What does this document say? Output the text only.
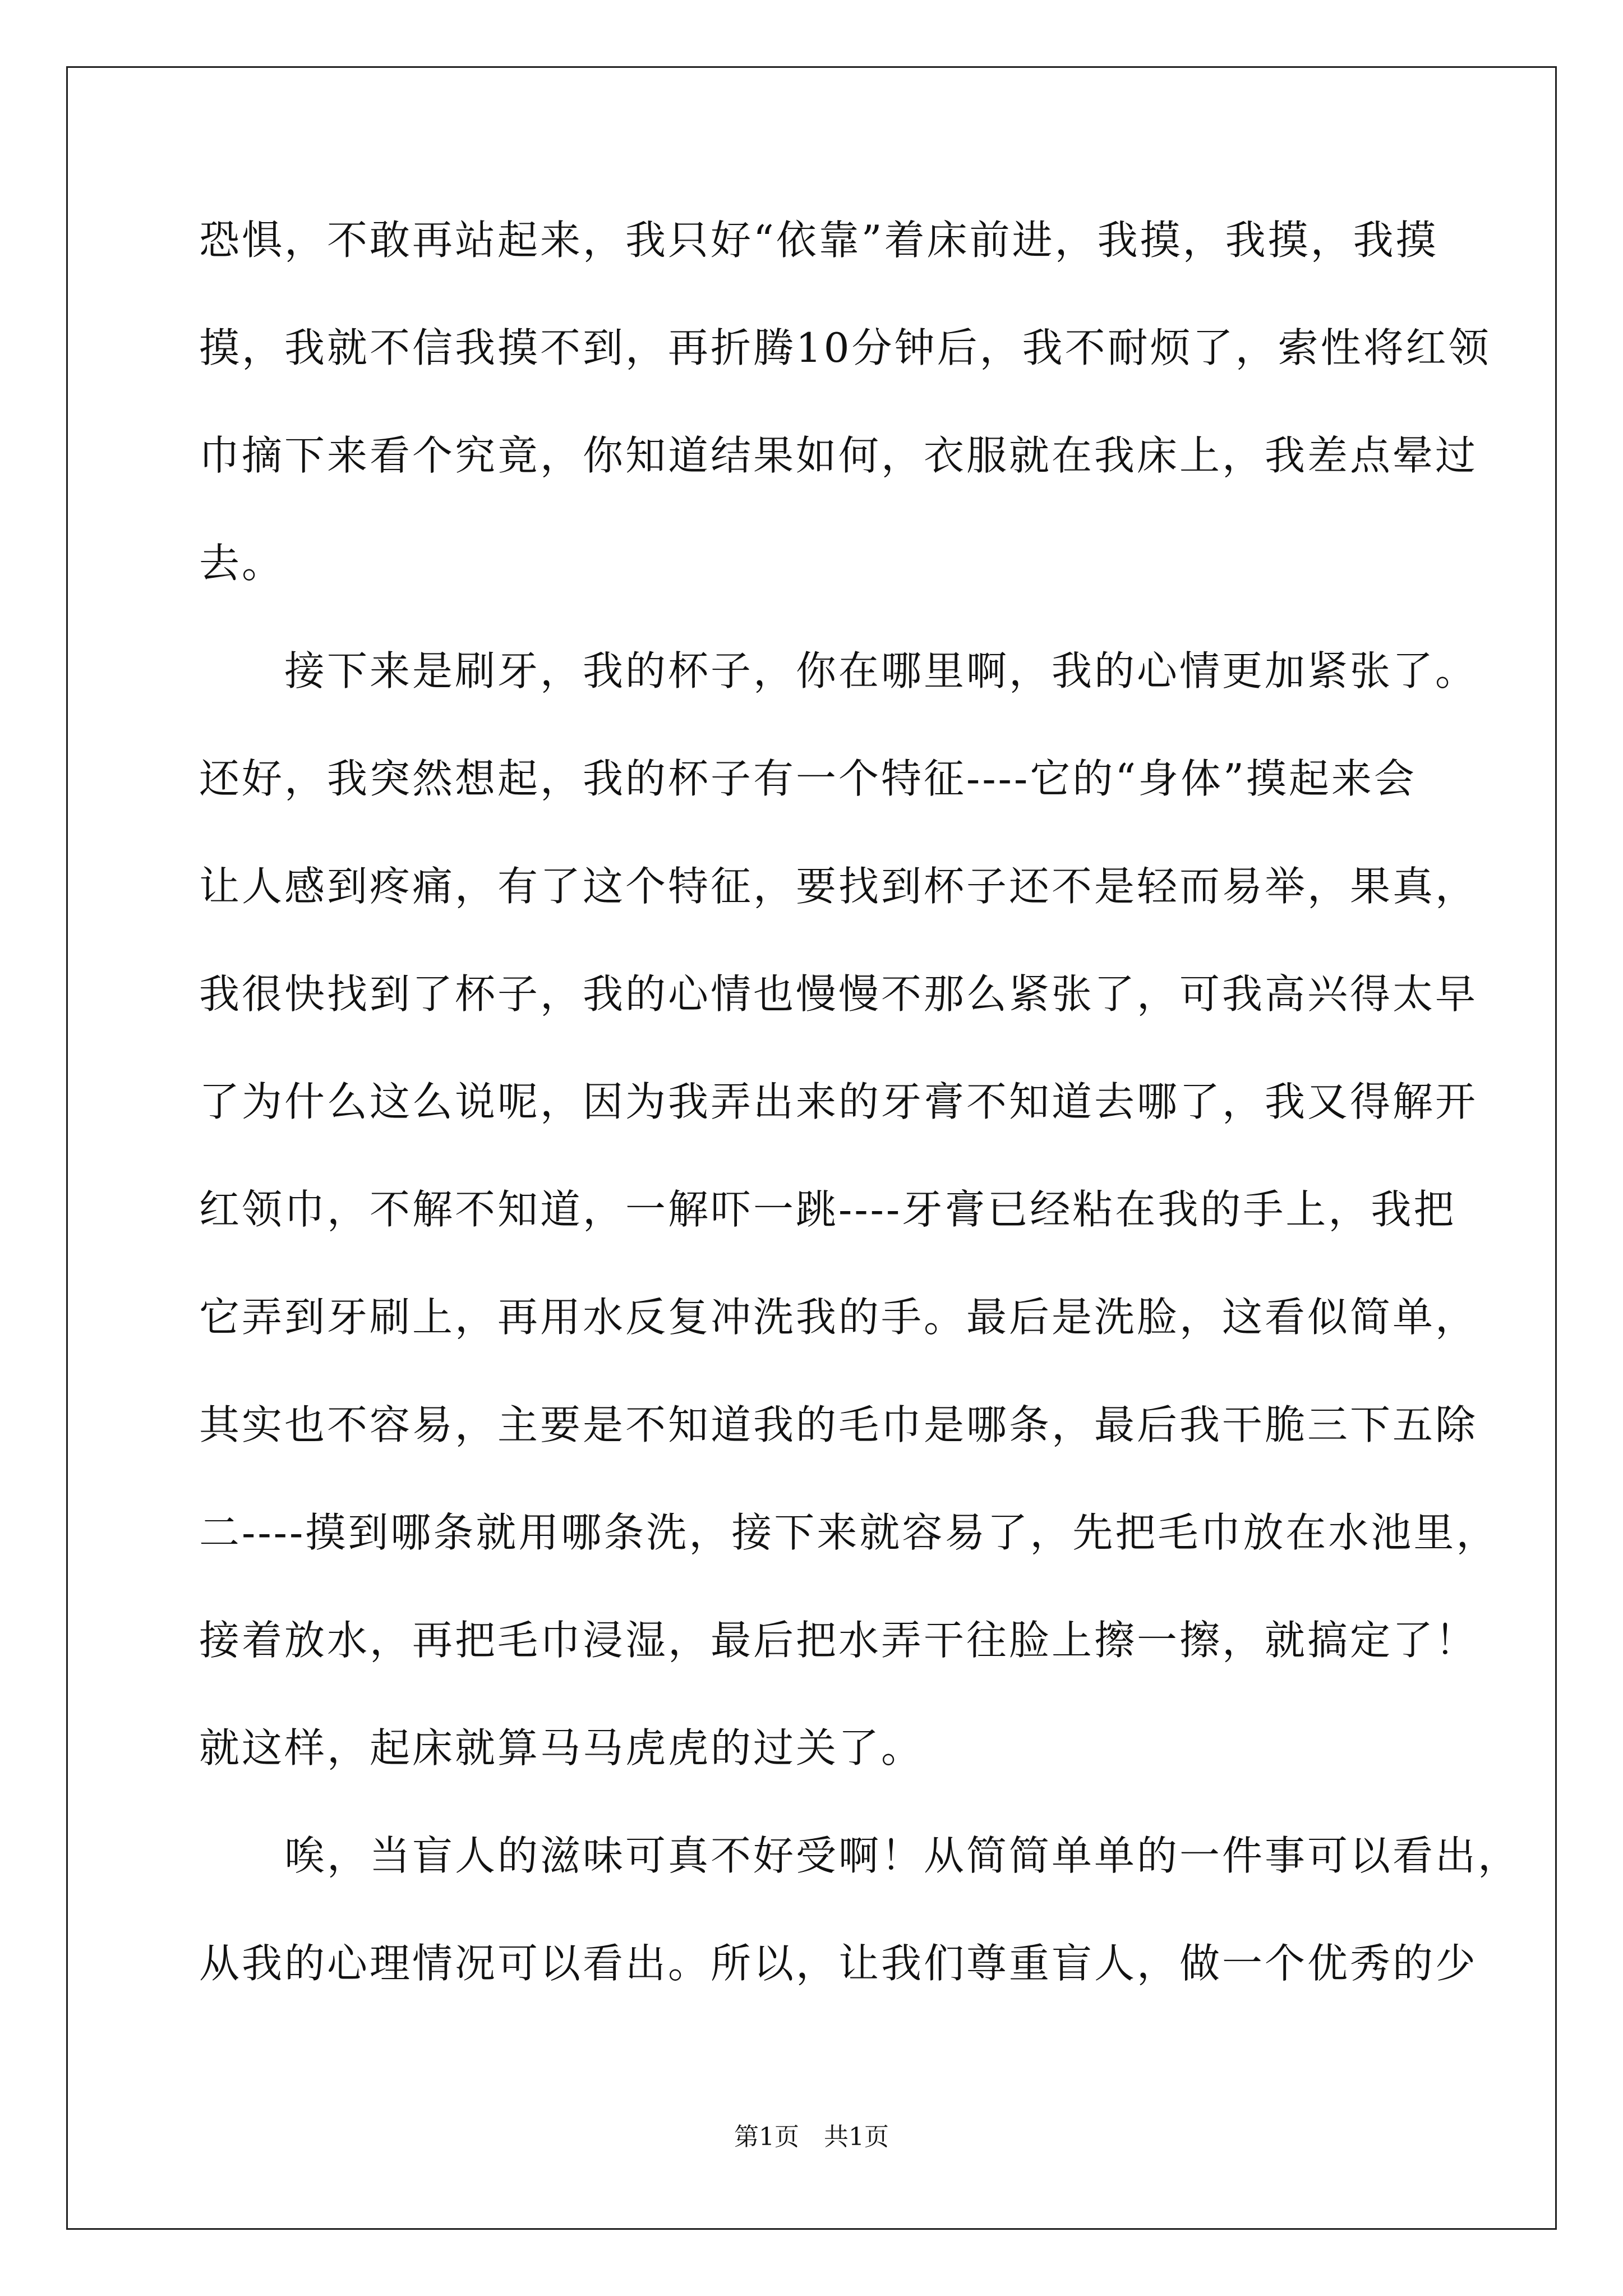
恐惧，不敢再站起来，我只好“依靠”着床前进，我摸，我摸，我摸
摸，我就不信我摸不到，再折腾10分钟后，我不耐烦了，索性将红领
巾摘下来看个究竟，你知道结果如何，衣服就在我床上，我差点晕过
去。
　　接下来是刷牙，我的杯子，你在哪里啊，我的心情更加紧张了。
还好，我突然想起，我的杯子有一个特征----它的“身体”摸起来会
让人感到疼痛，有了这个特征，要找到杯子还不是轻而易举，果真，
我很快找到了杯子，我的心情也慢慢不那么紧张了，可我高兴得太早
了为什么这么说呢，因为我弄出来的牙膏不知道去哪了，我又得解开
红领巾，不解不知道，一解吓一跳----牙膏已经粘在我的手上，我把
它弄到牙刷上，再用水反复冲洗我的手。最后是洗脸，这看似简单，
其实也不容易，主要是不知道我的毛巾是哪条，最后我干脆三下五除
二----摸到哪条就用哪条洗，接下来就容易了，先把毛巾放在水池里，
接着放水，再把毛巾浸湿，最后把水弄干往脸上擦一擦，就搞定了！
就这样，起床就算马马虎虎的过关了。
　　唉，当盲人的滋味可真不好受啊！从简简单单的一件事可以看出，
从我的心理情况可以看出。所以，让我们尊重盲人，做一个优秀的少
第1页　共1页
